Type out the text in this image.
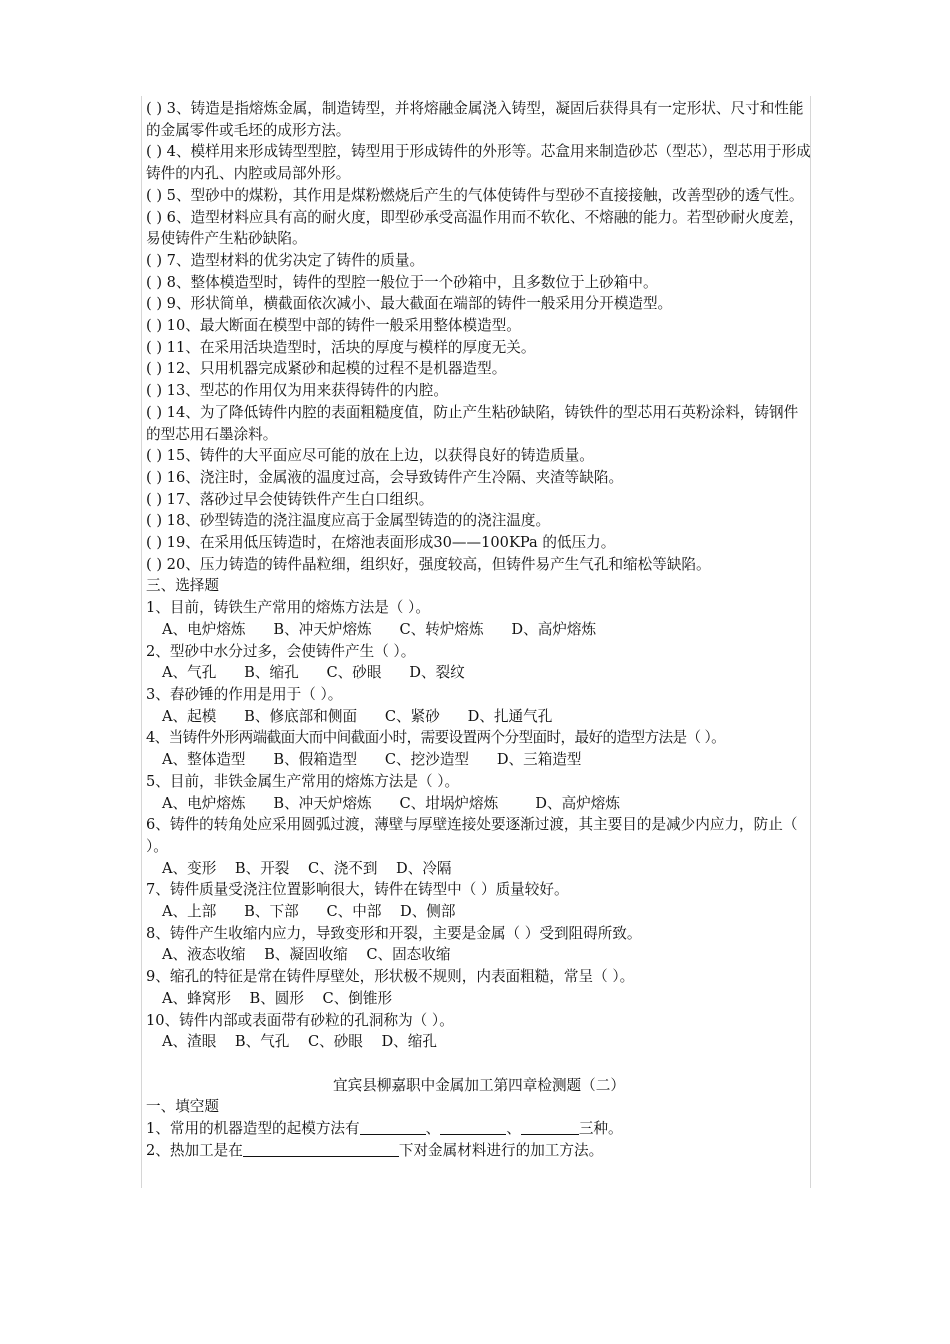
( ) 3、铸造是指熔炼金属，制造铸型，并将熔融金属浇入铸型，凝固后获得具有一定形状、尺寸和性能的金属零件或毛坯的成形方法。
( ) 4、模样用来形成铸型型腔，铸型用于形成铸件的外形等。芯盒用来制造砂芯（型芯），型芯用于形成铸件的内孔、内腔或局部外形。
( ) 5、型砂中的煤粉，其作用是煤粉燃烧后产生的气体使铸件与型砂不直接接触，改善型砂的透气性。
( ) 6、造型材料应具有高的耐火度，即型砂承受高温作用而不软化、不熔融的能力。若型砂耐火度差，易使铸件产生粘砂缺陷。
( ) 7、造型材料的优劣决定了铸件的质量。
( ) 8、整体模造型时，铸件的型腔一般位于一个砂箱中，且多数位于上砂箱中。
( ) 9、形状简单，横截面依次减小、最大截面在端部的铸件一般采用分开模造型。
( ) 10、最大断面在模型中部的铸件一般采用整体模造型。
( ) 11、在采用活块造型时，活块的厚度与模样的厚度无关。
( ) 12、只用机器完成紧砂和起模的过程不是机器造型。
( ) 13、型芯的作用仅为用来获得铸件的内腔。
( ) 14、为了降低铸件内腔的表面粗糙度值，防止产生粘砂缺陷，铸铁件的型芯用石英粉涂料，铸钢件的型芯用石墨涂料。
( ) 15、铸件的大平面应尽可能的放在上边，以获得良好的铸造质量。
( ) 16、浇注时，金属液的温度过高，会导致铸件产生冷隔、夹渣等缺陷。
( ) 17、落砂过早会使铸铁件产生白口组织。
( ) 18、砂型铸造的浇注温度应高于金属型铸造的的浇注温度。
( ) 19、在采用低压铸造时，在熔池表面形成30——100KPa 的低压力。
( ) 20、压力铸造的铸件晶粒细，组织好，强度较高，但铸件易产生气孔和缩松等缺陷。
三、选择题
1、目前，铸铁生产常用的熔炼方法是（ ）。
A、电炉熔炼      B、冲天炉熔炼      C、转炉熔炼      D、高炉熔炼
2、型砂中水分过多，会使铸件产生（ ）。
A、气孔      B、缩孔      C、砂眼      D、裂纹
3、舂砂锤的作用是用于（ ）。
A、起模      B、修底部和侧面      C、紧砂      D、扎通气孔
4、当铸件外形两端截面大而中间截面小时，需要设置两个分型面时，最好的造型方法是（ ）。
A、整体造型      B、假箱造型      C、挖沙造型      D、三箱造型
5、目前，非铁金属生产常用的熔炼方法是（ ）。
A、电炉熔炼      B、冲天炉熔炼      C、坩埚炉熔炼        D、高炉熔炼
6、铸件的转角处应采用圆弧过渡，薄壁与厚壁连接处要逐渐过渡，其主要目的是减少内应力，防止（ ）。
A、变形    B、开裂    C、浇不到    D、冷隔
7、铸件质量受浇注位置影响很大，铸件在铸型中（ ）质量较好。
A、上部      B、下部      C、中部    D、侧部
8、铸件产生收缩内应力，导致变形和开裂，主要是金属（ ）受到阻碍所致。
A、液态收缩    B、凝固收缩    C、固态收缩
9、缩孔的特征是常在铸件厚壁处，形状极不规则，内表面粗糙，常呈（ ）。
A、蜂窝形    B、圆形    C、倒锥形
10、铸件内部或表面带有砂粒的孔洞称为（ ）。
A、渣眼    B、气孔    C、砂眼    D、缩孔
宜宾县柳嘉职中金属加工第四章检测题（二）
一、填空题
1、常用的机器造型的起模方法有	、	、	三种。
2、热加工是在	下对金属材料进行的加工方法。
